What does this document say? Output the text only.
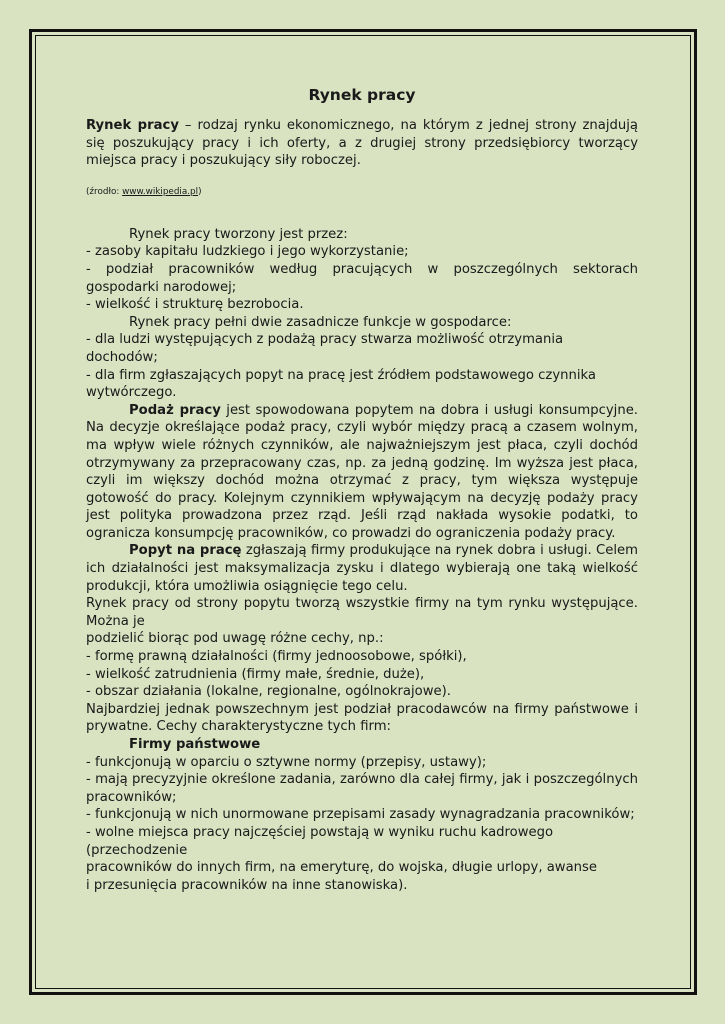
Rynek pracy

Rynek pracy – rodzaj rynku ekonomicznego, na którym z jednej strony znajdują się poszukujący pracy i ich oferty, a z drugiej strony przedsiębiorcy tworzący miejsca pracy i poszukujący siły roboczej.

(źrodło: www.wikipedia.pl)

Rynek pracy tworzony jest przez:

- zasoby kapitału ludzkiego i jego wykorzystanie;

- podział pracowników według pracujących w poszczególnych sektorach gospodarki narodowej;

- wielkość i strukturę bezrobocia.

Rynek pracy pełni dwie zasadnicze funkcje w gospodarce:

- dla ludzi występujących z podażą pracy stwarza możliwość otrzymania dochodów;

- dla firm zgłaszających popyt na pracę jest źródłem podstawowego czynnika wytwórczego.

Podaż pracy jest spowodowana popytem na dobra i usługi konsumpcyjne. Na decyzje określające podaż pracy, czyli wybór między pracą a czasem wolnym, ma wpływ wiele różnych czynników, ale najważniejszym jest płaca, czyli dochód otrzymywany za przepracowany czas, np. za jedną godzinę. Im wyższa jest płaca, czyli im większy dochód można otrzymać z pracy, tym większa występuje gotowość do pracy. Kolejnym czynnikiem wpływającym na decyzję podaży pracy jest polityka prowadzona przez rząd. Jeśli rząd nakłada wysokie podatki, to ogranicza konsumpcję pracowników, co prowadzi do ograniczenia podaży pracy.

Popyt na pracę zgłaszają firmy produkujące na rynek dobra i usługi. Celem ich działalności jest maksymalizacja zysku i dlatego wybierają one taką wielkość produkcji, która umożliwia osiągnięcie tego celu.

Rynek pracy od strony popytu tworzą wszystkie firmy na tym rynku występujące. Można je

podzielić biorąc pod uwagę różne cechy, np.:

- formę prawną działalności (firmy jednoosobowe, spółki),

- wielkość zatrudnienia (firmy małe, średnie, duże),

- obszar działania (lokalne, regionalne, ogólnokrajowe).

Najbardziej jednak powszechnym jest podział pracodawców na firmy państwowe i prywatne. Cechy charakterystyczne tych firm:

Firmy państwowe

- funkcjonują w oparciu o sztywne normy (przepisy, ustawy);

- mają precyzyjnie określone zadania, zarówno dla całej firmy, jak i poszczególnych pracowników;

- funkcjonują w nich unormowane przepisami zasady wynagradzania pracowników;

- wolne miejsca pracy najczęściej powstają w wyniku ruchu kadrowego (przechodzenie

pracowników do innych firm, na emeryturę, do wojska, długie urlopy, awanse

i przesunięcia pracowników na inne stanowiska).
